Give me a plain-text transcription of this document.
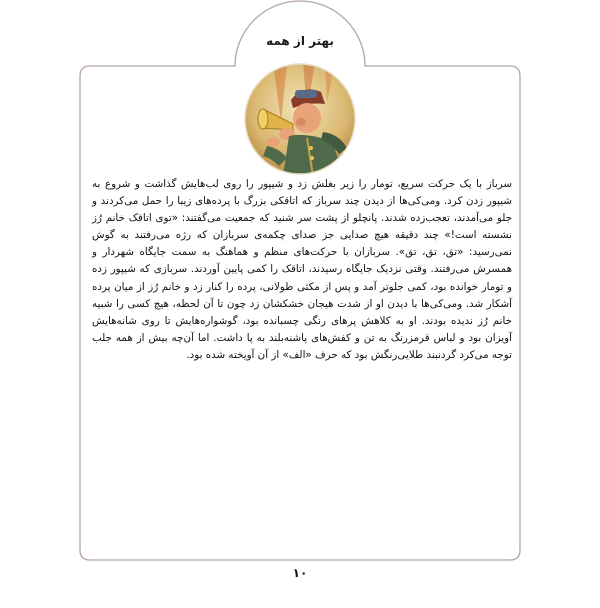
بهتر از همه

سرباز با یک حرکت سریع، تومار را زیر بغلش زد و شیپور را روی لب‌هایش گذاشت و شروع به شیپور زدن کرد. ومی‌کی‌ها از دیدن چند سرباز که اتاقکی بزرگ با پرده‌های زیبا را حمل می‌کردند و جلو می‌آمدند، تعجب‌زده شدند. پانچلو از پشت سر شنید که جمعیت می‌گفتند: «توی اتاقک خانم رُز نشسته است!» چند دقیقه هیچ صدایی جز صدای چکمه‌ی سربازان که رژه می‌رفتند به گوش نمی‌رسید: «تق، تق، تق». سربازان با حرکت‌های منظم و هماهنگ به سمت جایگاه شهردار و همسرش می‌رفتند. وقتی نزدیک جایگاه رسیدند، اتاقک را کمی پایین آوردند. سربازی که شیپور زده و تومار خوانده بود، کمی جلوتر آمد و پس از مکثی طولانی، پرده را کنار زد و خانم رُز از میان پرده آشکار شد. ومی‌کی‌ها با دیدن او از شدت هیجان خشکشان زد چون تا آن لحظه، هیچ کسی را شبیه خانم رُز ندیده بودند. او به کلاهش پرهای رنگی چسبانده بود، گوشواره‌هایش تا روی شانه‌هایش آویزان بود و لباس قرمزرنگ به تن و کفش‌های پاشنه‌بلند به پا داشت. اما آن‌چه بیش از همه جلب توجه می‌کرد گردنبند طلایی‌رنگش بود که حرف «الف» از آن آویخته شده بود.

۱۰
